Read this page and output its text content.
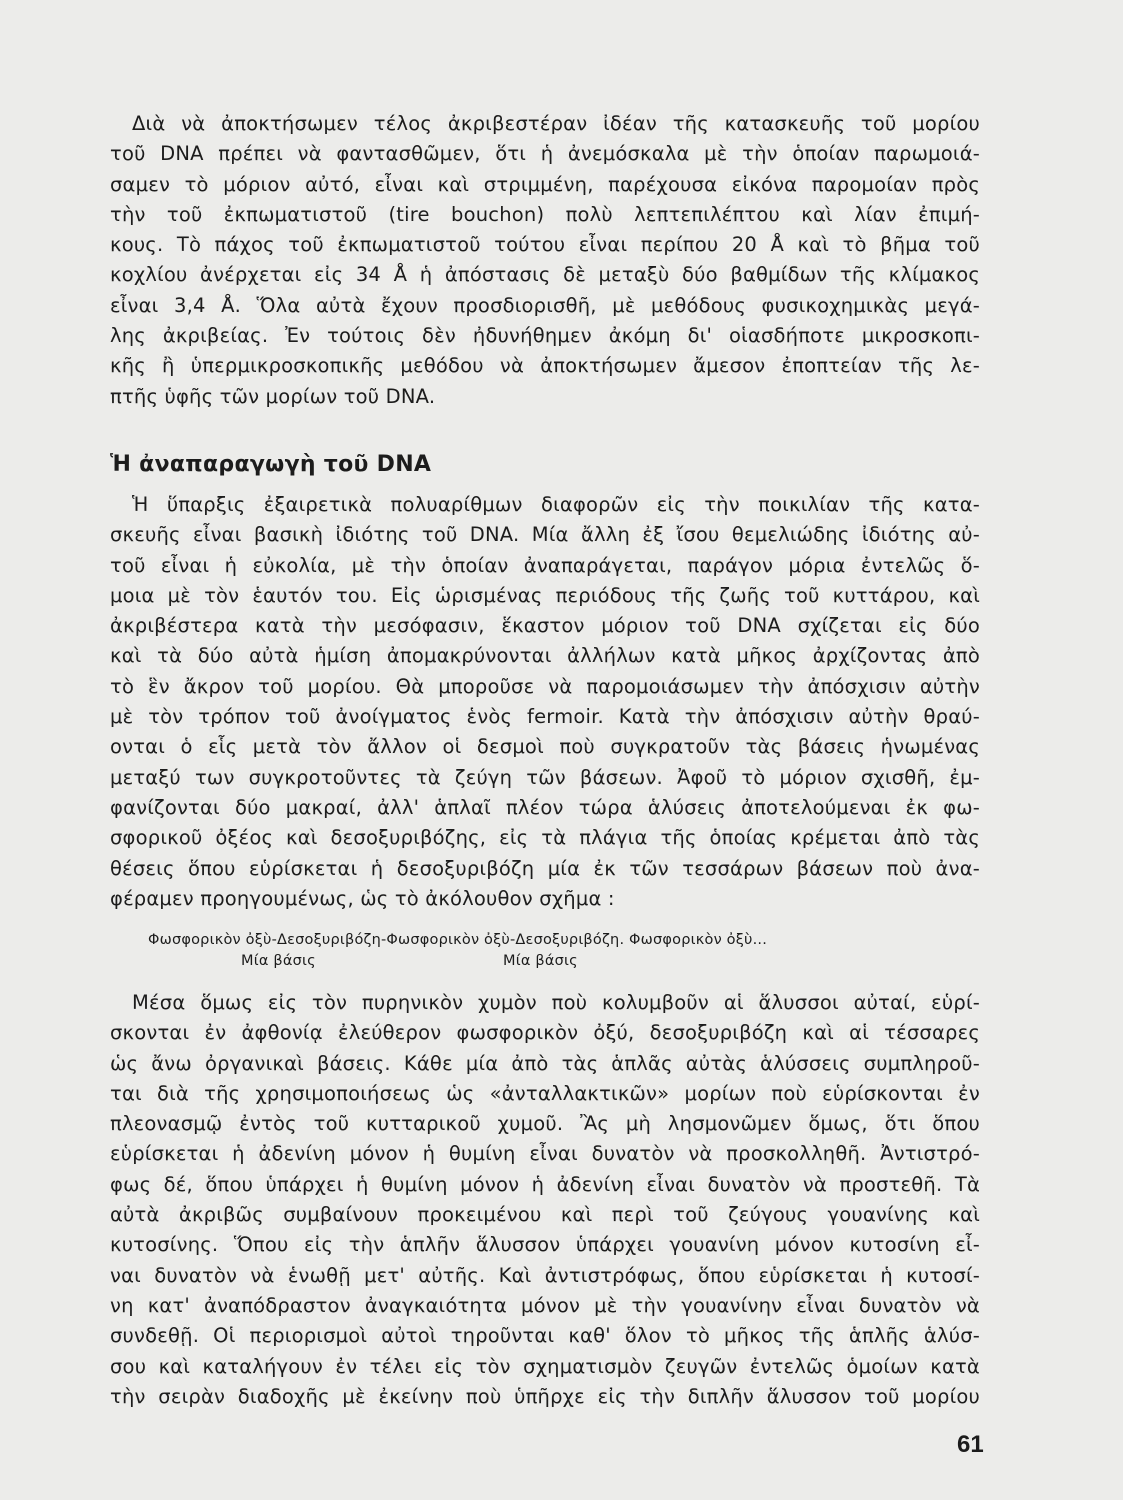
Διὰ νὰ ἀποκτήσωμεν τέλος ἀκριβεστέραν ἰδέαν τῆς κατασκευῆς τοῦ μορίου
τοῦ DNA πρέπει νὰ φαντασθῶμεν, ὅτι ἡ ἀνεμόσκαλα μὲ τὴν ὁποίαν παρωμοιά-
σαμεν τὸ μόριον αὐτό, εἶναι καὶ στριμμένη, παρέχουσα εἰκόνα παρομοίαν πρὸς
τὴν τοῦ ἐκπωματιστοῦ (tire bouchon) πολὺ λεπτεπιλέπτου καὶ λίαν ἐπιμή-
κους. Τὸ πάχος τοῦ ἐκπωματιστοῦ τούτου εἶναι περίπου 20 Å καὶ τὸ βῆμα τοῦ
κοχλίου ἀνέρχεται εἰς 34 Å ἡ ἀπόστασις δὲ μεταξὺ δύο βαθμίδων τῆς κλίμακος
εἶναι 3,4 Å. Ὅλα αὐτὰ ἔχουν προσδιορισθῆ, μὲ μεθόδους φυσικοχημικὰς μεγά-
λης ἀκριβείας. Ἐν τούτοις δὲν ἠδυνήθημεν ἀκόμη δι' οἱασδήποτε μικροσκοπι-
κῆς ἢ ὑπερμικροσκοπικῆς μεθόδου νὰ ἀποκτήσωμεν ἄμεσον ἐποπτείαν τῆς λε-
πτῆς ὑφῆς τῶν μορίων τοῦ DNA.
Ἡ ἀναπαραγωγὴ τοῦ DNA
Ἡ ὕπαρξις ἐξαιρετικὰ πολυαρίθμων διαφορῶν εἰς τὴν ποικιλίαν τῆς κατα-
σκευῆς εἶναι βασικὴ ἰδιότης τοῦ DNA. Μία ἄλλη ἐξ ἴσου θεμελιώδης ἰδιότης αὐ-
τοῦ εἶναι ἡ εὐκολία, μὲ τὴν ὁποίαν ἀναπαράγεται, παράγον μόρια ἐντελῶς ὅ-
μοια μὲ τὸν ἑαυτόν του. Εἰς ὡρισμένας περιόδους τῆς ζωῆς τοῦ κυττάρου, καὶ
ἀκριβέστερα κατὰ τὴν μεσόφασιν, ἕκαστον μόριον τοῦ DNA σχίζεται εἰς δύο
καὶ τὰ δύο αὐτὰ ἡμίση ἀπομακρύνονται ἀλλήλων κατὰ μῆκος ἀρχίζοντας ἀπὸ
τὸ ἓν ἄκρον τοῦ μορίου. Θὰ μποροῦσε νὰ παρομοιάσωμεν τὴν ἀπόσχισιν αὐτὴν
μὲ τὸν τρόπον τοῦ ἀνοίγματος ἑνὸς fermoir. Κατὰ τὴν ἀπόσχισιν αὐτὴν θραύ-
ονται ὁ εἷς μετὰ τὸν ἄλλον οἱ δεσμοὶ ποὺ συγκρατοῦν τὰς βάσεις ἡνωμένας
μεταξύ των συγκροτοῦντες τὰ ζεύγη τῶν βάσεων. Ἀφοῦ τὸ μόριον σχισθῆ, ἐμ-
φανίζονται δύο μακραί, ἀλλ' ἁπλαῖ πλέον τώρα ἁλύσεις ἀποτελούμεναι ἐκ φω-
σφορικοῦ ὀξέος καὶ δεσοξυριβόζης, εἰς τὰ πλάγια τῆς ὁποίας κρέμεται ἀπὸ τὰς
θέσεις ὅπου εὑρίσκεται ἡ δεσοξυριβόζη μία ἐκ τῶν τεσσάρων βάσεων ποὺ ἀνα-
φέραμεν προηγουμένως, ὡς τὸ ἀκόλουθον σχῆμα :
Φωσφορικὸν ὀξὺ-Δεσοξυριβόζη-Φωσφορικὸν ὀξὺ-Δεσοξυριβόζη. Φωσφορικὸν ὀξὺ...
Μία βάσις	Μία βάσις
Μέσα ὅμως εἰς τὸν πυρηνικὸν χυμὸν ποὺ κολυμβοῦν αἱ ἅλυσσοι αὐταί, εὑρί-
σκονται ἐν ἀφθονίᾳ ἐλεύθερον φωσφορικὸν ὀξύ, δεσοξυριβόζη καὶ αἱ τέσσαρες
ὡς ἄνω ὀργανικαὶ βάσεις. Κάθε μία ἀπὸ τὰς ἁπλᾶς αὐτὰς ἁλύσσεις συμπληροῦ-
ται διὰ τῆς χρησιμοποιήσεως ὡς «ἀνταλλακτικῶν» μορίων ποὺ εὑρίσκονται ἐν
πλεονασμῷ ἐντὸς τοῦ κυτταρικοῦ χυμοῦ. Ἂς μὴ λησμονῶμεν ὅμως, ὅτι ὅπου
εὑρίσκεται ἡ ἀδενίνη μόνον ἡ θυμίνη εἶναι δυνατὸν νὰ προσκολληθῆ. Ἀντιστρό-
φως δέ, ὅπου ὑπάρχει ἡ θυμίνη μόνον ἡ ἀδενίνη εἶναι δυνατὸν νὰ προστεθῆ. Τὰ
αὐτὰ ἀκριβῶς συμβαίνουν προκειμένου καὶ περὶ τοῦ ζεύγους γουανίνης καὶ
κυτοσίνης. Ὅπου εἰς τὴν ἁπλῆν ἅλυσσον ὑπάρχει γουανίνη μόνον κυτοσίνη εἶ-
ναι δυνατὸν νὰ ἑνωθῇ μετ' αὐτῆς. Καὶ ἀντιστρόφως, ὅπου εὑρίσκεται ἡ κυτοσί-
νη κατ' ἀναπόδραστον ἀναγκαιότητα μόνον μὲ τὴν γουανίνην εἶναι δυνατὸν νὰ
συνδεθῇ. Οἱ περιορισμοὶ αὐτοὶ τηροῦνται καθ' ὅλον τὸ μῆκος τῆς ἁπλῆς ἁλύσ-
σου καὶ καταλήγουν ἐν τέλει εἰς τὸν σχηματισμὸν ζευγῶν ἐντελῶς ὁμοίων κατὰ
τὴν σειρὰν διαδοχῆς μὲ ἐκείνην ποὺ ὑπῆρχε εἰς τὴν διπλῆν ἅλυσσον τοῦ μορίου
61
